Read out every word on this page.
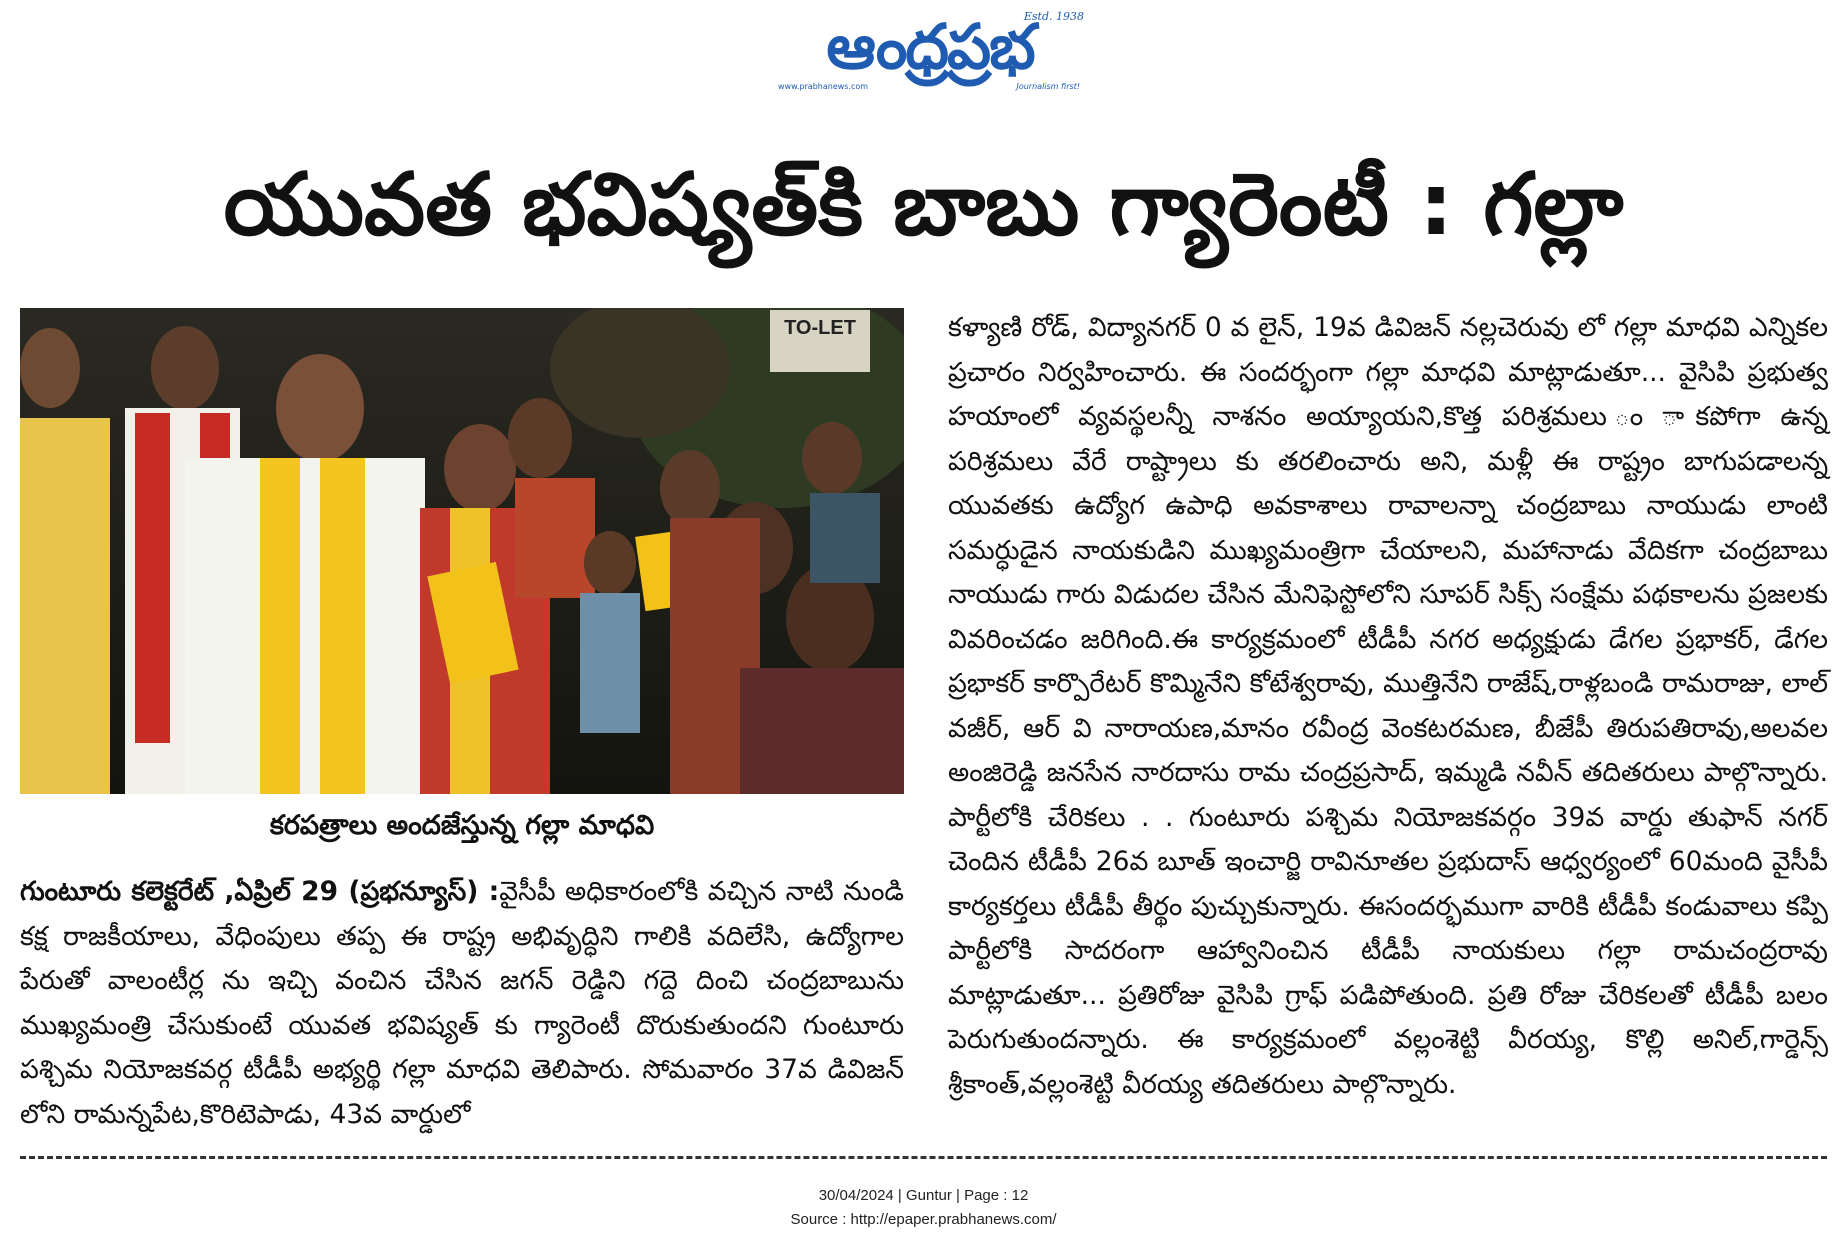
ఆంధ్రప్రభ
Estd. 1938
www.prabhanews.com	Journalism first!
యువత భవిష్యత్‌కి బాబు గ్యారెంటీ : గల్లా
TO-LET
కరపత్రాలు అందజేస్తున్న గల్లా మాధవి

గుంటూరు కలెక్టరేట్ ,ఏప్రిల్ 29 (ప్రభన్యూస్) :వైసీపీ అధికారంలోకి వచ్చిన నాటి నుండి కక్ష రాజకీయాలు, వేధింపులు తప్ప ఈ రాష్ట్ర అభివృద్ధిని గాలికి వదిలేసి, ఉద్యోగాల పేరుతో వాలంటీర్ల ను ఇచ్చి వంచిన చేసిన జగన్ రెడ్డిని గద్దె దించి చంద్రబాబును ముఖ్యమంత్రి చేసుకుంటే యువత భవిష్యత్ కు గ్యారెంటీ దొరుకుతుందని గుంటూరు పశ్చిమ నియోజకవర్గ టీడీపీ అభ్యర్థి గల్లా మాధవి తెలిపారు. సోమవారం 37వ డివిజన్ లోని రామన్నపేట,కొరిటెపాడు, 43వ వార్డులో

కళ్యాణి రోడ్, విద్యానగర్ 0 వ లైన్, 19వ డివిజన్ నల్లచెరువు లో గల్లా మాధవి ఎన్నికల ప్రచారం నిర్వహించారు. ఈ సందర్భంగా గల్లా మాధవి మాట్లాడుతూ... వైసిపి ప్రభుత్వ హయాంలో వ్యవస్థలన్నీ నాశనం అయ్యాయని,కొత్త పరిశ్రమలు ం ాకపోగా ఉన్న పరిశ్రమలు వేరే రాష్ట్రాలు కు తరలించారు అని, మళ్లీ ఈ రాష్ట్రం బాగుపడాలన్న యువతకు ఉద్యోగ ఉపాధి అవకాశాలు రావాలన్నా చంద్రబాబు నాయుడు లాంటి సమర్ధుడైన నాయకుడిని ముఖ్యమంత్రిగా చేయాలని, మహానాడు వేదికగా చంద్రబాబు నాయుడు గారు విడుదల చేసిన మేనిఫెస్టోలోని సూపర్ సిక్స్ సంక్షేమ పథకాలను ప్రజలకు వివరించడం జరిగింది.ఈ కార్యక్రమంలో టీడీపీ నగర అధ్యక్షుడు డేగల ప్రభాకర్, డేగల ప్రభాకర్ కార్పొరేటర్ కొమ్మినేని కోటేశ్వరావు, ముత్తినేని రాజేష్,రాళ్లబండి రామరాజు, లాల్ వజీర్, ఆర్ వి నారాయణ,మానం రవీంద్ర వెంకటరమణ, బీజేపీ తిరుపతిరావు,అలవల అంజిరెడ్డి జనసేన నారదాసు రామ చంద్రప్రసాద్, ఇమ్మడి నవీన్ తదితరులు పాల్గొన్నారు. పార్టీలోకి చేరికలు . . గుంటూరు పశ్చిమ నియోజకవర్గం 39వ వార్డు తుఫాన్ నగర్ చెందిన టీడీపీ 26వ బూత్ ఇంచార్జి రావినూతల ప్రభుదాస్ ఆధ్వర్యంలో 60మంది వైసీపీ కార్యకర్తలు టీడీపీ తీర్థం పుచ్చుకున్నారు. ఈసందర్భముగా వారికి టీడీపీ కండువాలు కప్పి పార్టీలోకి సాదరంగా ఆహ్వానించిన టీడీపీ నాయకులు గల్లా రామచంద్రరావు మాట్లాడుతూ... ప్రతిరోజు వైసిపి గ్రాఫ్ పడిపోతుంది. ప్రతి రోజు చేరికలతో టీడీపీ బలం పెరుగుతుందన్నారు. ఈ కార్యక్రమంలో వల్లంశెట్టి వీరయ్య, కొల్లి అనిల్,గార్డెన్స్ శ్రీకాంత్,వల్లంశెట్టి వీరయ్య తదితరులు పాల్గొన్నారు.

30/04/2024 | Guntur | Page : 12
Source : http://epaper.prabhanews.com/
